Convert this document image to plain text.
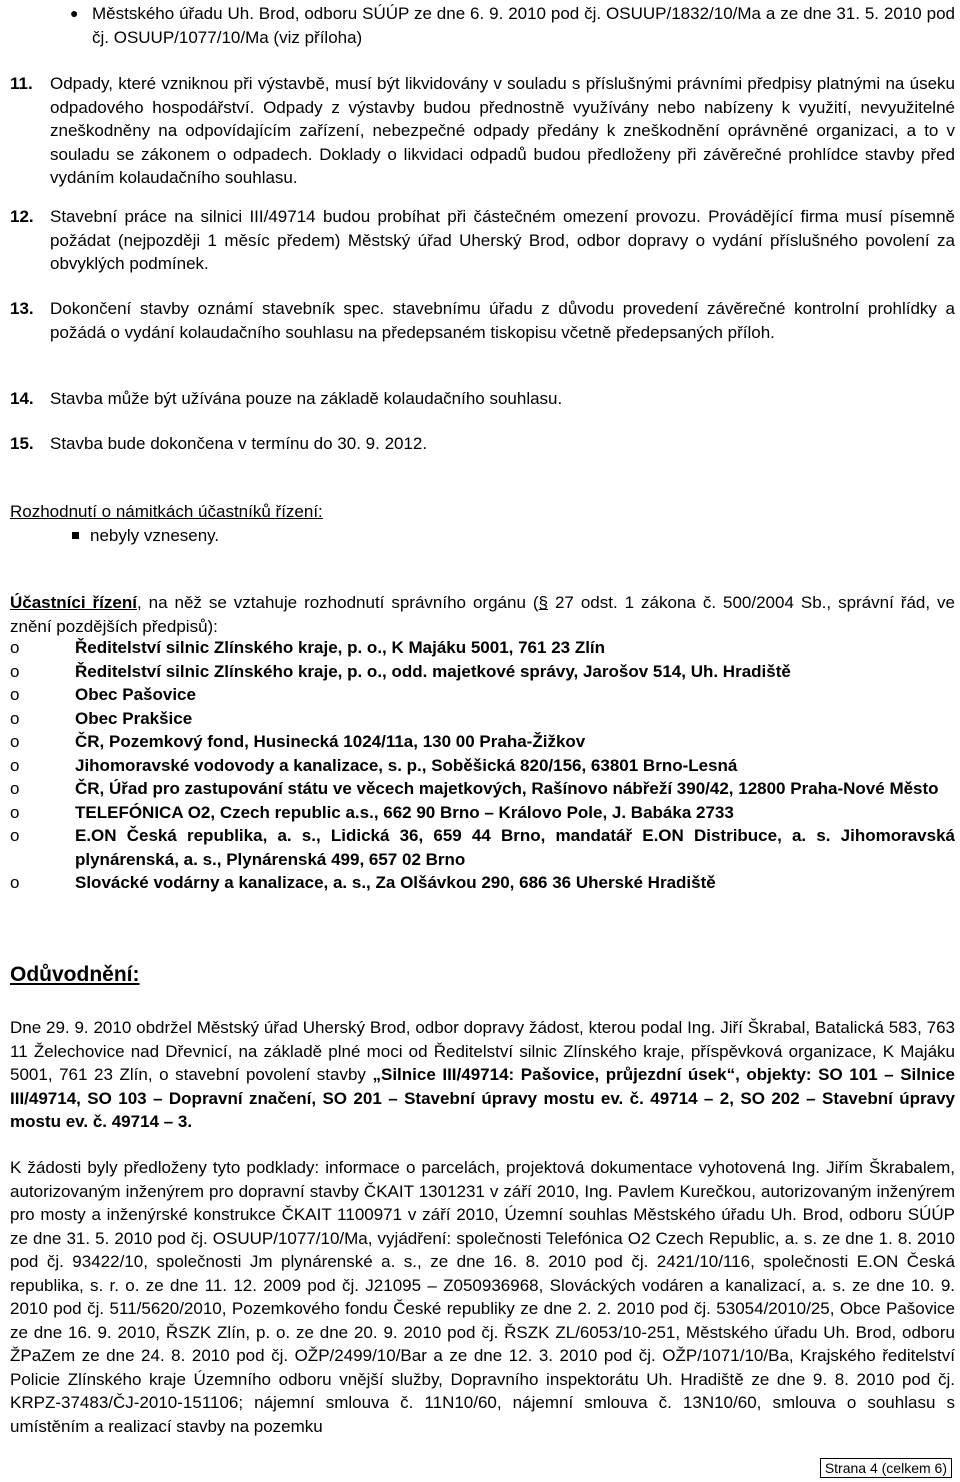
● Městského úřadu Uh. Brod, odboru SÚÚP ze dne 6. 9. 2010 pod čj. OSUUP/1832/10/Ma a ze dne 31. 5. 2010 pod čj. OSUUP/1077/10/Ma (viz příloha)
11.	Odpady, které vzniknou při výstavbě, musí být likvidovány v souladu s příslušnými právními předpisy platnými na úseku odpadového hospodářství. Odpady z výstavby budou přednostně využívány nebo nabízeny k využití, nevyužitelné zneškodněny na odpovídajícím zařízení, nebezpečné odpady předány k zneškodnění oprávněné organizaci, a to v souladu se zákonem o odpadech. Doklady o likvidaci odpadů budou předloženy při závěrečné prohlídce stavby před vydáním kolaudačního souhlasu.
12. Stavební práce na silnici III/49714 budou probíhat při částečném omezení provozu. Provádějící firma musí písemně požádat (nejpozději 1 měsíc předem) Městský úřad Uherský Brod, odbor dopravy o vydání příslušného povolení za obvyklých podmínek.
13. Dokončení stavby oznámí stavebník spec. stavebnímu úřadu z důvodu provedení závěrečné kontrolní prohlídky a požádá o vydání kolaudačního souhlasu na předepsaném tiskopisu včetně předepsaných příloh.
14. Stavba může být užívána pouze na základě kolaudačního souhlasu.
15. Stavba bude dokončena v termínu do 30. 9. 2012.
Rozhodnutí o námitkách účastníků řízení:
nebyly vzneseny.
Účastníci řízení, na něž se vztahuje rozhodnutí správního orgánu (§ 27 odst. 1 zákona č. 500/2004 Sb., správní řád, ve znění pozdějších předpisů):
o	Ředitelství silnic Zlínského kraje, p. o., K Majáku 5001, 761 23 Zlín
o	Ředitelství silnic Zlínského kraje, p. o., odd. majetkové správy, Jarošov 514, Uh. Hradiště
o	Obec Pašovice
o	Obec Prakšice
o	ČR, Pozemkový fond, Husinecká 1024/11a, 130 00 Praha-Žižkov
o	Jihomoravské vodovody a kanalizace, s. p., Soběšická 820/156, 63801 Brno-Lesná
o	ČR, Úřad pro zastupování státu ve věcech majetkových, Rašínovo nábřeží 390/42, 12800 Praha-Nové Město
o	TELEFÓNICA O2, Czech republic a.s., 662 90 Brno – Královo Pole, J. Babáka 2733
o	E.ON Česká republika, a. s., Lidická 36, 659 44 Brno, mandatář E.ON Distribuce, a. s. Jihomoravská plynárenská, a. s., Plynárenská 499, 657 02 Brno
o	Slovácké vodárny a kanalizace, a. s., Za Olšávkou 290, 686 36 Uherské Hradiště
Odůvodnění:
Dne 29. 9. 2010 obdržel Městský úřad Uherský Brod, odbor dopravy žádost, kterou podal Ing. Jiří Škrabal, Batalická 583, 763 11 Želechovice nad Dřevnicí, na základě plné moci od Ředitelství silnic Zlínského kraje, příspěvková organizace, K Majáku 5001, 761 23 Zlín, o stavební povolení stavby „Silnice III/49714: Pašovice, průjezdní úsek“, objekty: SO 101 – Silnice III/49714, SO 103 – Dopravní značení, SO 201 – Stavební úpravy mostu ev. č. 49714 – 2, SO 202 – Stavební úpravy mostu ev. č. 49714 – 3.
K žádosti byly předloženy tyto podklady: informace o parcelách, projektová dokumentace vyhotovená Ing. Jiřím Škrabalem, autorizovaným inženýrem pro dopravní stavby ČKAIT 1301231 v září 2010, Ing. Pavlem Kurečkou, autorizovaným inženýrem pro mosty a inženýrské konstrukce ČKAIT 1100971 v září 2010, Územní souhlas Městského úřadu Uh. Brod, odboru SÚÚP ze dne 31. 5. 2010 pod čj. OSUUP/1077/10/Ma, vyjádření: společnosti Telefónica O2 Czech Republic, a. s. ze dne 1. 8. 2010 pod čj. 93422/10, společnosti Jm plynárenské a. s., ze dne 16. 8. 2010 pod čj. 2421/10/116, společnosti E.ON Česká republika, s. r. o. ze dne 11. 12. 2009 pod čj. J21095 – Z050936968, Slováckých vodáren a kanalizací, a. s. ze dne 10. 9. 2010 pod čj. 511/5620/2010, Pozemkového fondu České republiky ze dne 2. 2. 2010 pod čj. 53054/2010/25, Obce Pašovice ze dne 16. 9. 2010, ŘSZK Zlín, p. o. ze dne 20. 9. 2010 pod čj. ŘSZK ZL/6053/10-251, Městského úřadu Uh. Brod, odboru ŽPaZem ze dne 24. 8. 2010 pod čj. OŽP/2499/10/Bar a ze dne 12. 3. 2010 pod čj. OŽP/1071/10/Ba, Krajského ředitelství Policie Zlínského kraje Územního odboru vnější služby, Dopravního inspektorátu Uh. Hradiště ze dne 9. 8. 2010 pod čj. KRPZ-37483/ČJ-2010-151106; nájemní smlouva č. 11N10/60, nájemní smlouva č. 13N10/60, smlouva o souhlasu s umístěním a realizací stavby na pozemku
Strana 4 (celkem 6)
